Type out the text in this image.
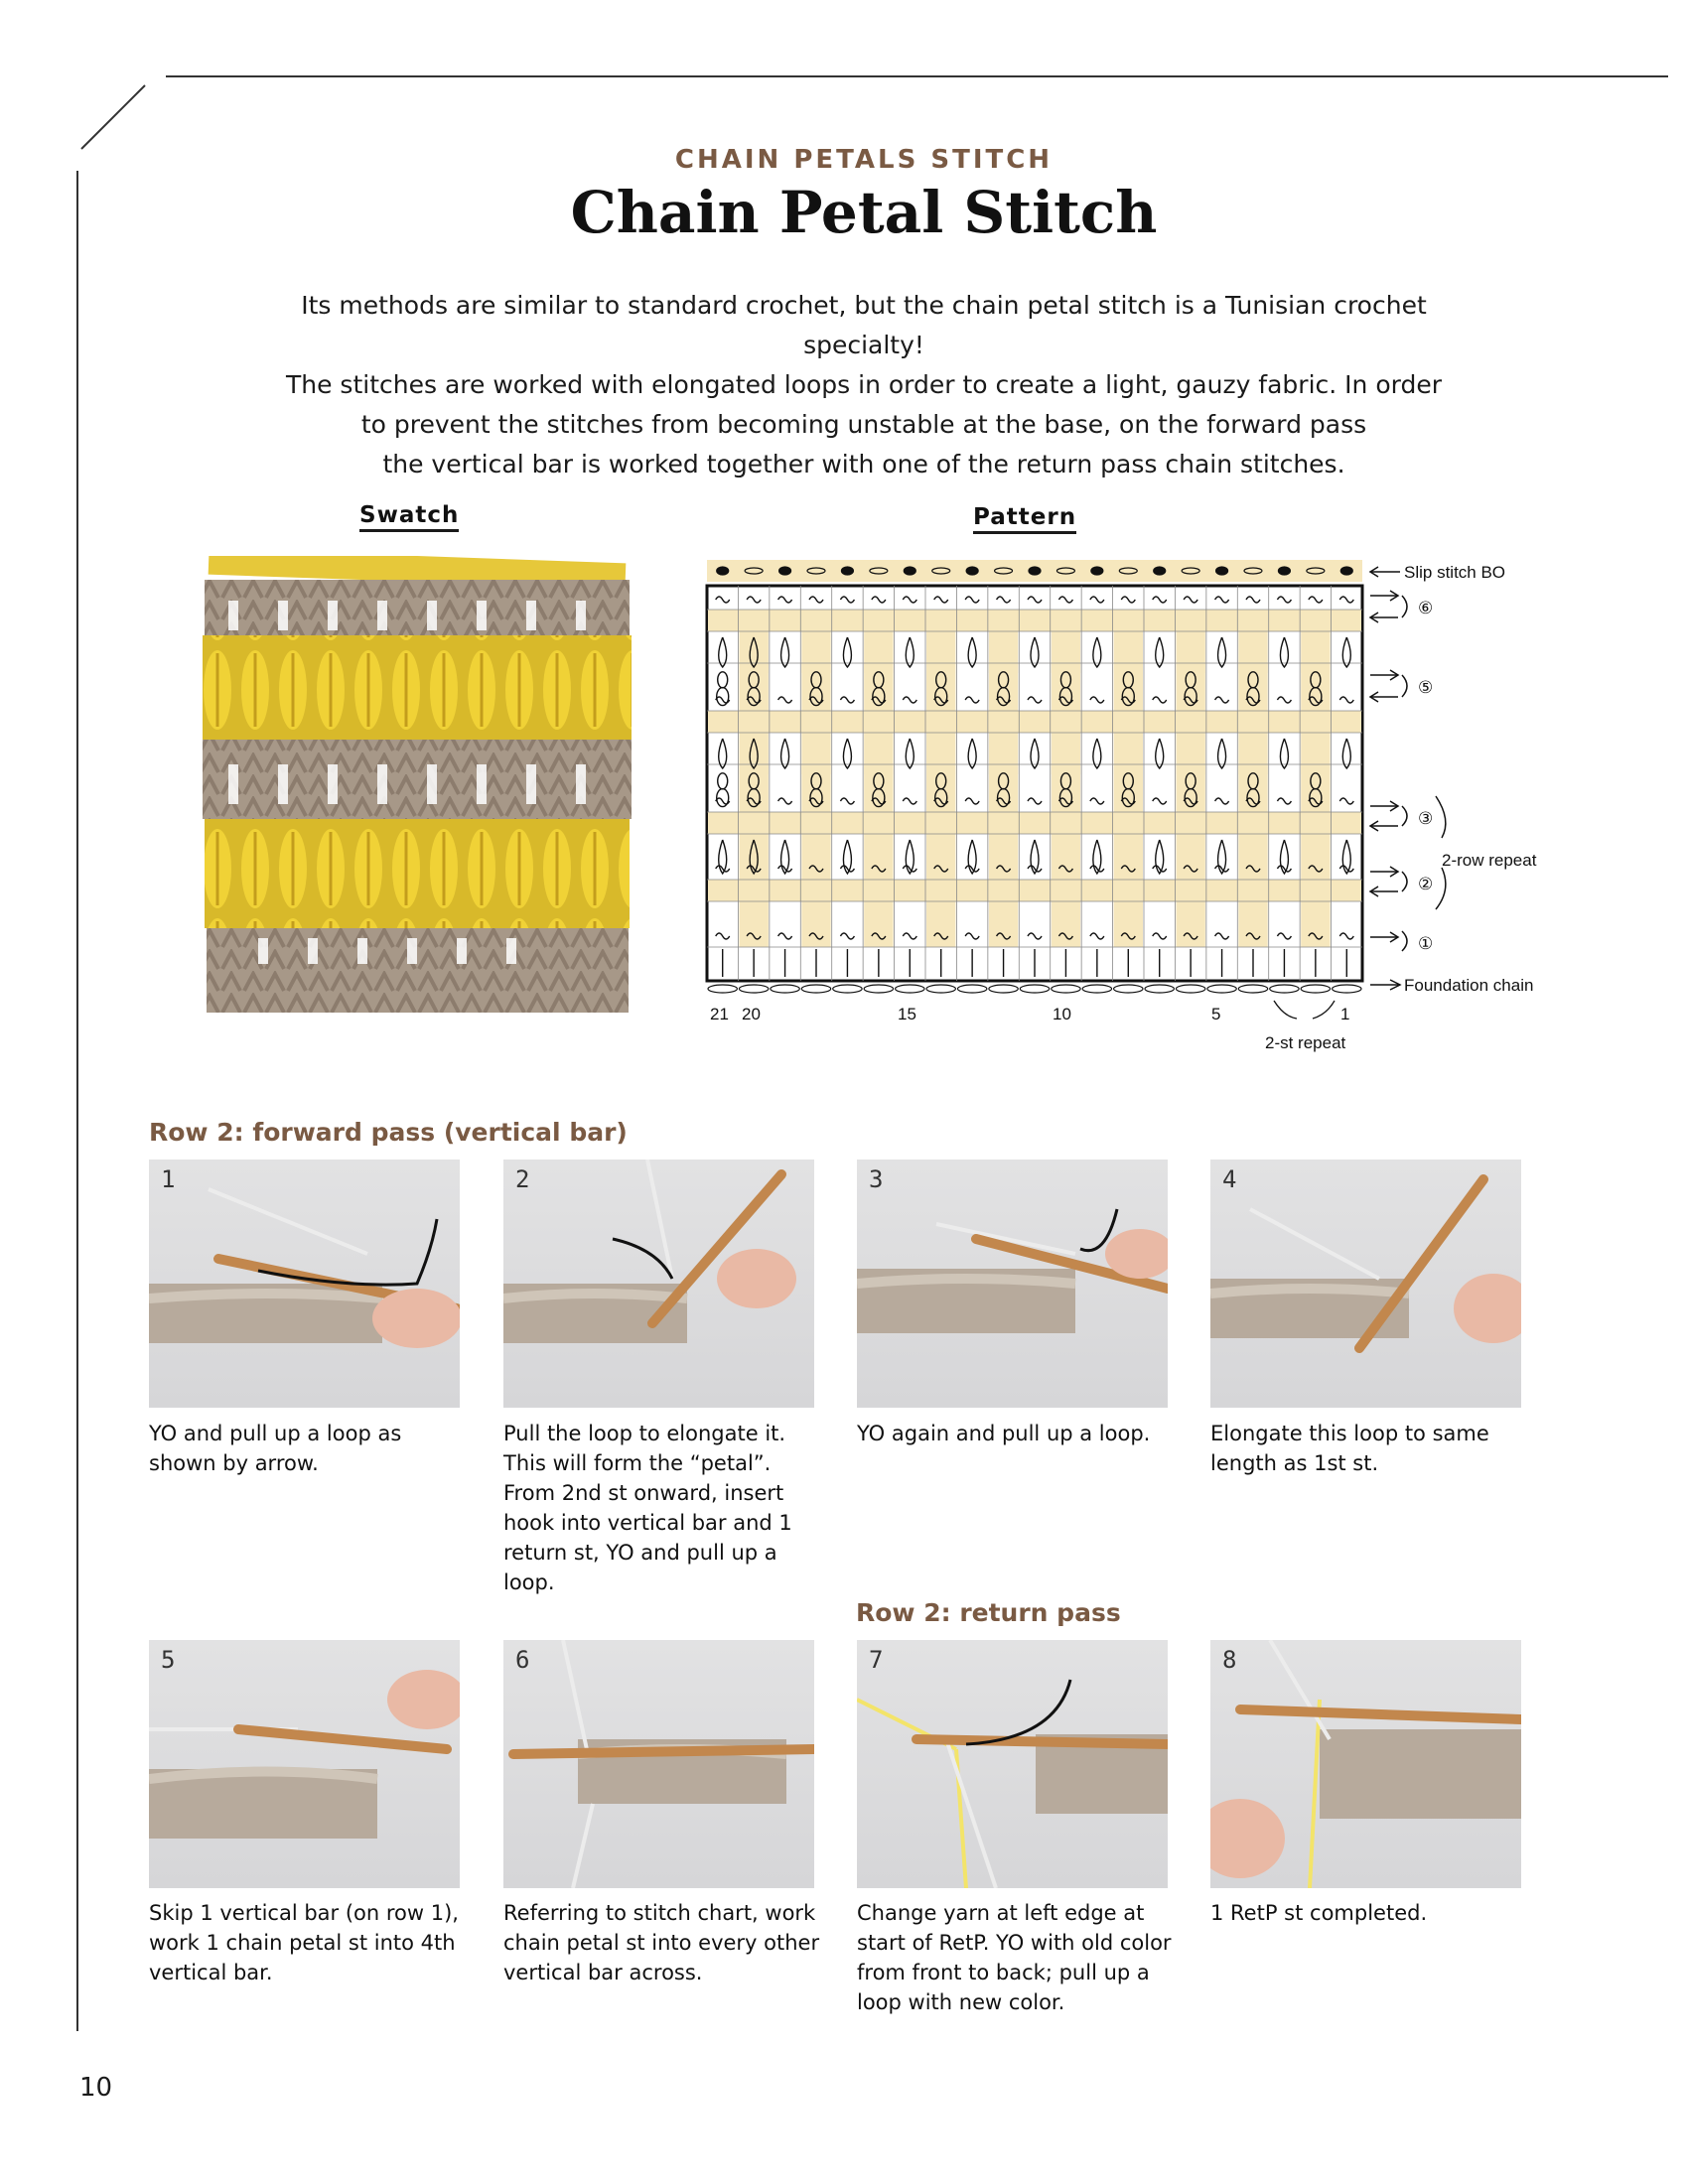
CHAIN PETALS STITCH
Chain Petal Stitch

Its methods are similar to standard crochet, but the chain petal stitch is a Tunisian crochet specialty!

The stitches are worked with elongated loops in order to create a light, gauzy fabric. In order

to prevent the stitches from becoming unstable at the base, on the forward pass

the vertical bar is worked together with one of the return pass chain stitches.

Swatch	Pattern
Slip stitch BO
⑥
⑤
③
②
①
2-row repeat
Foundation chain
21 20	15	10	5	1
2-st repeat
Row 2: forward pass (vertical bar)
Row 2: return pass
1	2	3	4
YO and pull up a loop as shown by arrow.
Pull the loop to elongate it. This will form the “petal”. From 2nd st onward, insert hook into vertical bar and 1 return st, YO and pull up a loop.
YO again and pull up a loop.	Elongate this loop to same length as 1st st.
5	6	7	8
Skip 1 vertical bar (on row 1), work 1 chain petal st into 4th vertical bar.
Referring to stitch chart, work chain petal st into every other vertical bar across.
Change yarn at left edge at start of RetP. YO with old color from front to back; pull up a loop with new color.
1 RetP st completed.
10
